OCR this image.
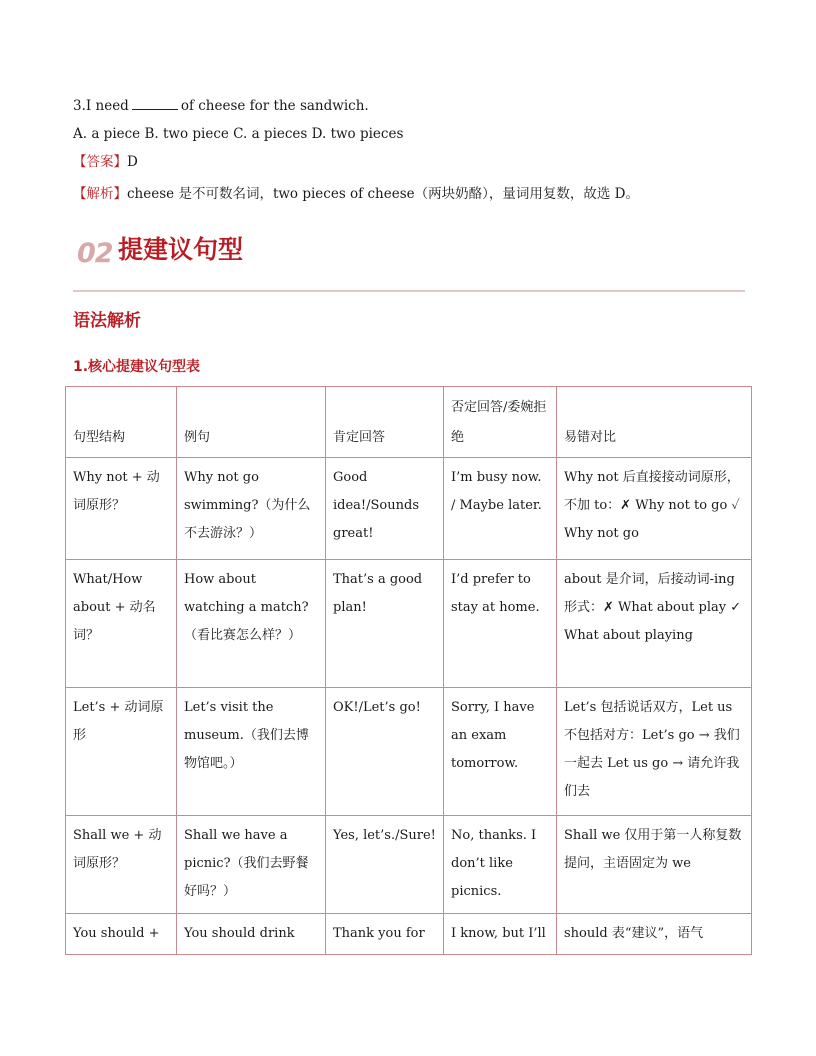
3.I need	of cheese for the sandwich.
A. a piece B. two piece C. a pieces D. two pieces
【答案】D
【解析】cheese 是不可数名词，two pieces of cheese（两块奶酪），量词用复数，故选 D。
02 提建议句型
语法解析
1.核心提建议句型表
句型结构	例句	肯定回答	否定回答/委婉拒绝	易错对比
Why not + 动词原形？	Why not go swimming?（为什么不去游泳？）	Good idea!/Sounds great!	I’m busy now. / Maybe later.	Why not 后直接接动词原形，不加 to：✗ Why not to go ✓ Why not go
What/How about + 动名词？	How about watching a match?（看比赛怎么样？）	That’s a good plan!	I’d prefer to stay at home.	about 是介词，后接动词-ing 形式：✗ What about play ✓ What about playing
Let’s + 动词原形	Let’s visit the museum.（我们去博物馆吧。）	OK!/Let’s go!	Sorry, I have an exam tomorrow.	Let’s 包括说话双方，Let us 不包括对方：Let’s go → 我们一起去 Let us go → 请允许我们去
Shall we + 动词原形？	Shall we have a picnic?（我们去野餐好吗？）	Yes, let’s./Sure!	No, thanks. I don’t like picnics.	Shall we 仅用于第一人称复数提问，主语固定为 we
You should +	You should drink	Thank you for	I know, but I’ll	should 表“建议”，语气
